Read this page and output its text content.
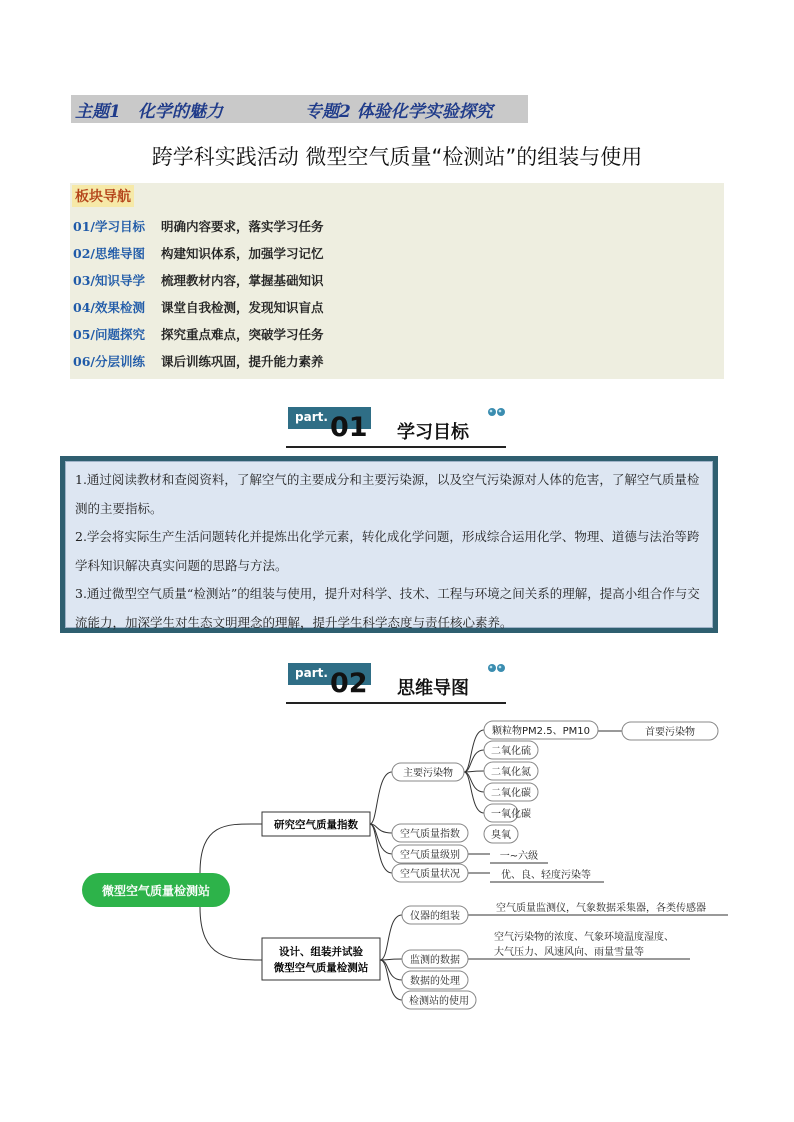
主题1　化学的魅力	专题2 体验化学实验探究
跨学科实践活动 微型空气质量“检测站”的组装与使用
板块导航
01/学习目标 明确内容要求，落实学习任务
02/思维导图 构建知识体系，加强学习记忆
03/知识导学 梳理教材内容，掌握基础知识
04/效果检测 课堂自我检测，发现知识盲点
05/问题探究 探究重点难点，突破学习任务
06/分层训练 课后训练巩固，提升能力素养
part. 01 学习目标

1.通过阅读教材和查阅资料，了解空气的主要成分和主要污染源，以及空气污染源对人体的危害，了解空气质量检测的主要指标。

2.学会将实际生产生活问题转化并提炼出化学元素，转化成化学问题，形成综合运用化学、物理、道德与法治等跨学科知识解决真实问题的思路与方法。

3.通过微型空气质量“检测站”的组装与使用，提升对科学、技术、工程与环境之间关系的理解，提高小组合作与交流能力，加深学生对生态文明理念的理解，提升学生科学态度与责任核心素养。

part. 02 思维导图
微型空气质量检测站
研究空气质量指数
设计、组装并试验
微型空气质量检测站
主要污染物
空气质量指数
空气质量级别
空气质量状况
颗粒物PM2.5、PM10	首要污染物
二氧化硫
二氧化氮
二氧化碳
一氧化碳
臭氧
一~六级
优、良、轻度污染等
仪器的组装
监测的数据
数据的处理
检测站的使用
空气质量监测仪，气象数据采集器，各类传感器
空气污染物的浓度、气象环境温度湿度、
大气压力、风速风向、雨量雪量等
